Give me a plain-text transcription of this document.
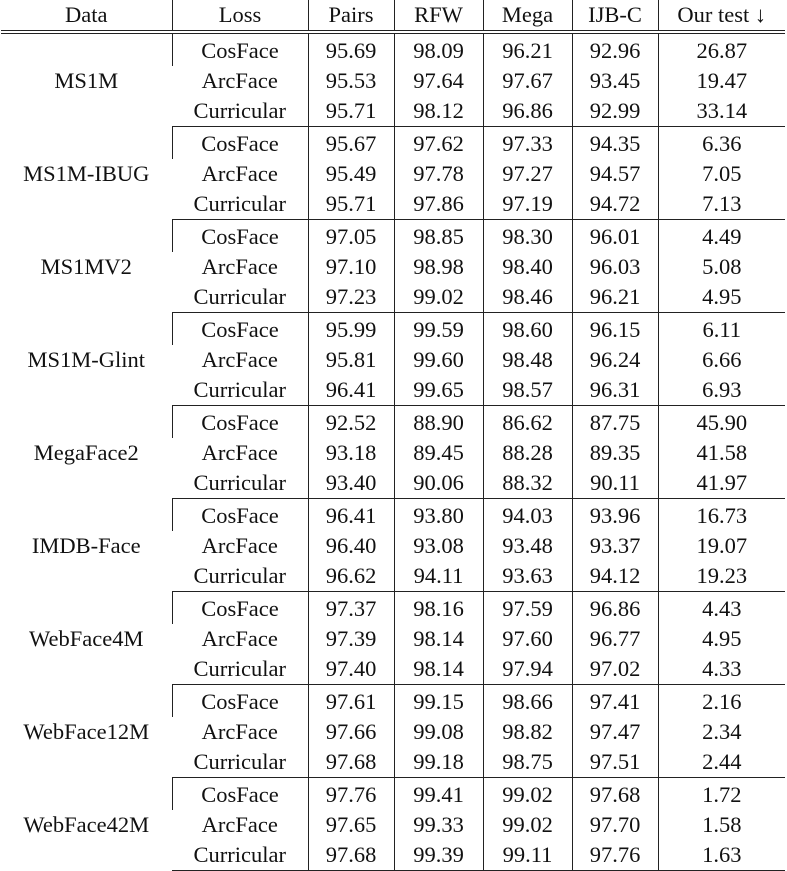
Data	Loss	Pairs	RFW	Mega	IJB-C	Our test ↓
MS1M	CosFace	95.69	98.09	96.21	92.96	26.87
	ArcFace	95.53	97.64	97.67	93.45	19.47
	Curricular	95.71	98.12	96.86	92.99	33.14
MS1M-IBUG	CosFace	95.67	97.62	97.33	94.35	6.36
	ArcFace	95.49	97.78	97.27	94.57	7.05
	Curricular	95.71	97.86	97.19	94.72	7.13
MS1MV2	CosFace	97.05	98.85	98.30	96.01	4.49
	ArcFace	97.10	98.98	98.40	96.03	5.08
	Curricular	97.23	99.02	98.46	96.21	4.95
MS1M-Glint	CosFace	95.99	99.59	98.60	96.15	6.11
	ArcFace	95.81	99.60	98.48	96.24	6.66
	Curricular	96.41	99.65	98.57	96.31	6.93
MegaFace2	CosFace	92.52	88.90	86.62	87.75	45.90
	ArcFace	93.18	89.45	88.28	89.35	41.58
	Curricular	93.40	90.06	88.32	90.11	41.97
IMDB-Face	CosFace	96.41	93.80	94.03	93.96	16.73
	ArcFace	96.40	93.08	93.48	93.37	19.07
	Curricular	96.62	94.11	93.63	94.12	19.23
WebFace4M	CosFace	97.37	98.16	97.59	96.86	4.43
	ArcFace	97.39	98.14	97.60	96.77	4.95
	Curricular	97.40	98.14	97.94	97.02	4.33
WebFace12M	CosFace	97.61	99.15	98.66	97.41	2.16
	ArcFace	97.66	99.08	98.82	97.47	2.34
	Curricular	97.68	99.18	98.75	97.51	2.44
WebFace42M	CosFace	97.76	99.41	99.02	97.68	1.72
	ArcFace	97.65	99.33	99.02	97.70	1.58
	Curricular	97.68	99.39	99.11	97.76	1.63
